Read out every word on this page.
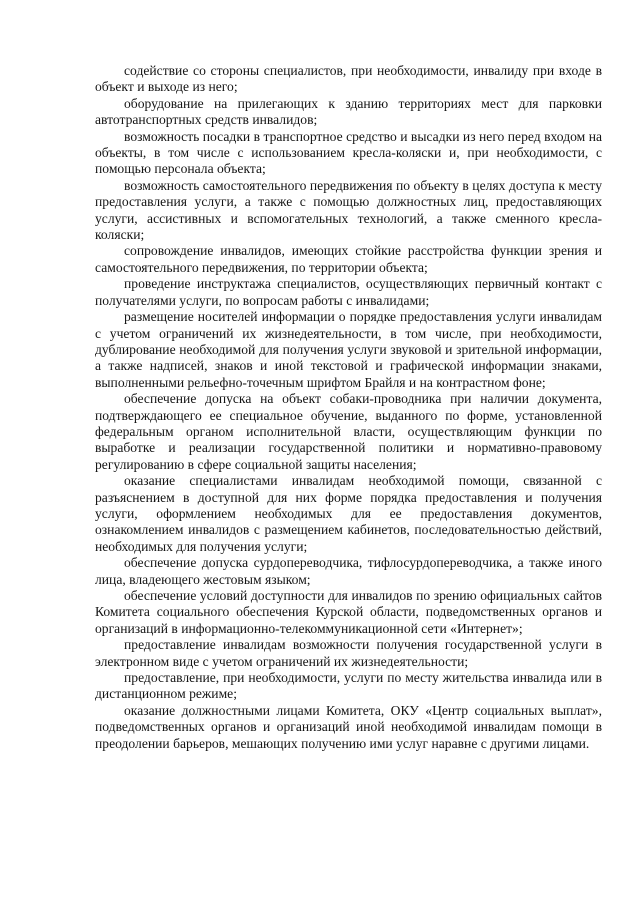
содействие со стороны специалистов, при необходимости, инвалиду при входе в объект и выходе из него;

оборудование на прилегающих к зданию территориях мест для парковки автотранспортных средств инвалидов;

возможность посадки в транспортное средство и высадки из него перед входом на объекты, в том числе с использованием кресла-коляски и, при необходимости, с помощью персонала объекта;

возможность самостоятельного передвижения по объекту в целях доступа к месту предоставления услуги, а также с помощью должностных лиц, предоставляющих услуги, ассистивных и вспомогательных технологий, а также сменного кресла-коляски;

сопровождение инвалидов, имеющих стойкие расстройства функции зрения и самостоятельного передвижения, по территории объекта;

проведение инструктажа специалистов, осуществляющих первичный контакт с получателями услуги, по вопросам работы с инвалидами;

размещение носителей информации о порядке предоставления услуги инвалидам с учетом ограничений их жизнедеятельности, в том числе, при необходимости, дублирование необходимой для получения услуги звуковой и зрительной информации, а также надписей, знаков и иной текстовой и графической информации знаками, выполненными рельефно-точечным шрифтом Брайля и на контрастном фоне;

обеспечение допуска на объект собаки-проводника при наличии документа, подтверждающего ее специальное обучение, выданного по форме, установленной федеральным органом исполнительной власти, осуществляющим функции по выработке и реализации государственной политики и нормативно-правовому регулированию в сфере социальной защиты населения;

оказание специалистами инвалидам необходимой помощи, связанной с разъяснением в доступной для них форме порядка предоставления и получения услуги, оформлением необходимых для ее предоставления документов, ознакомлением инвалидов с размещением кабинетов, последовательностью действий, необходимых для получения услуги;

обеспечение допуска сурдопереводчика, тифлосурдопереводчика, а также иного лица, владеющего жестовым языком;

обеспечение условий доступности для инвалидов по зрению официальных сайтов Комитета социального обеспечения Курской области, подведомственных органов и организаций в информационно-телекоммуникационной сети «Интернет»;

предоставление инвалидам возможности получения государственной услуги в электронном виде с учетом ограничений их жизнедеятельности;

предоставление, при необходимости, услуги по месту жительства инвалида или в дистанционном режиме;

оказание должностными лицами Комитета, ОКУ «Центр социальных выплат», подведомственных органов и организаций иной необходимой инвалидам помощи в преодолении барьеров, мешающих получению ими услуг наравне с другими лицами.
